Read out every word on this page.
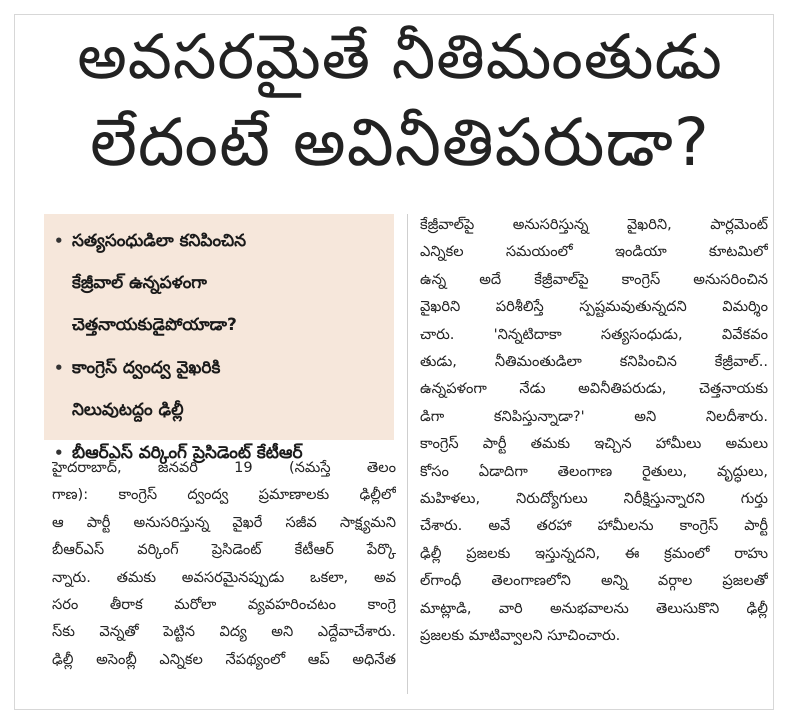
అవసరమైతే నీతిమంతుడు
లేదంటే అవినీతిపరుడా?
• సత్యసంధుడిలా కనిపించిన
కేజ్రీవాల్ ఉన్నపళంగా
చెత్తనాయకుడైపోయాడా?
• కాంగ్రెస్ ద్వంద్వ వైఖరికి
నిలువుటద్దం ఢిల్లీ
• బీఆర్ఎస్ వర్కింగ్ ప్రెసిడెంట్ కేటీఆర్
హైదరాబాద్, జనవరి 19 (నమస్తే తెలం
గాణ): కాంగ్రెస్ ద్వంద్వ ప్రమాణాలకు ఢిల్లీలో
ఆ పార్టీ అనుసరిస్తున్న వైఖరే సజీవ సాక్ష్యమని
బీఆర్ఎస్ వర్కింగ్ ప్రెసిడెంట్ కేటీఆర్ పేర్కొ
న్నారు. తమకు అవసరమైనప్పుడు ఒకలా, అవ
సరం తీరాక మరోలా వ్యవహరించటం కాంగ్రె
స్‌కు వెన్నతో పెట్టిన విద్య అని ఎద్దేవాచేశారు.
ఢిల్లీ అసెంబ్లీ ఎన్నికల నేపథ్యంలో ఆప్ అధినేత
కేజ్రీవాల్‌పై అనుసరిస్తున్న వైఖరిని, పార్లమెంట్
ఎన్నికల సమయంలో ఇండియా కూటమిలో
ఉన్న అదే కేజ్రీవాల్‌పై కాంగ్రెస్ అనుసరించిన
వైఖరిని పరిశీలిస్తే స్పష్టమవుతున్నదని విమర్శిం
చారు. 'నిన్నటిదాకా సత్యసంధుడు, వివేకవం
తుడు, నీతిమంతుడిలా కనిపించిన కేజ్రీవాల్..
ఉన్నపళంగా నేడు అవినీతిపరుడు, చెత్తనాయకు
డిగా కనిపిస్తున్నాడా?' అని నిలదీశారు.
కాంగ్రెస్ పార్టీ తమకు ఇచ్చిన హామీలు అమలు
కోసం ఏడాదిగా తెలంగాణ రైతులు, వృద్ధులు,
మహిళలు, నిరుద్యోగులు నిరీక్షిస్తున్నారని గుర్తు
చేశారు. అవే తరహా హామీలను కాంగ్రెస్ పార్టీ
ఢిల్లీ ప్రజలకు ఇస్తున్నదని, ఈ క్రమంలో రాహు
ల్‌గాంధీ తెలంగాణలోని అన్ని వర్గాల ప్రజలతో
మాట్లాడి, వారి అనుభవాలను తెలుసుకొని ఢిల్లీ
ప్రజలకు మాటివ్వాలని సూచించారు.
